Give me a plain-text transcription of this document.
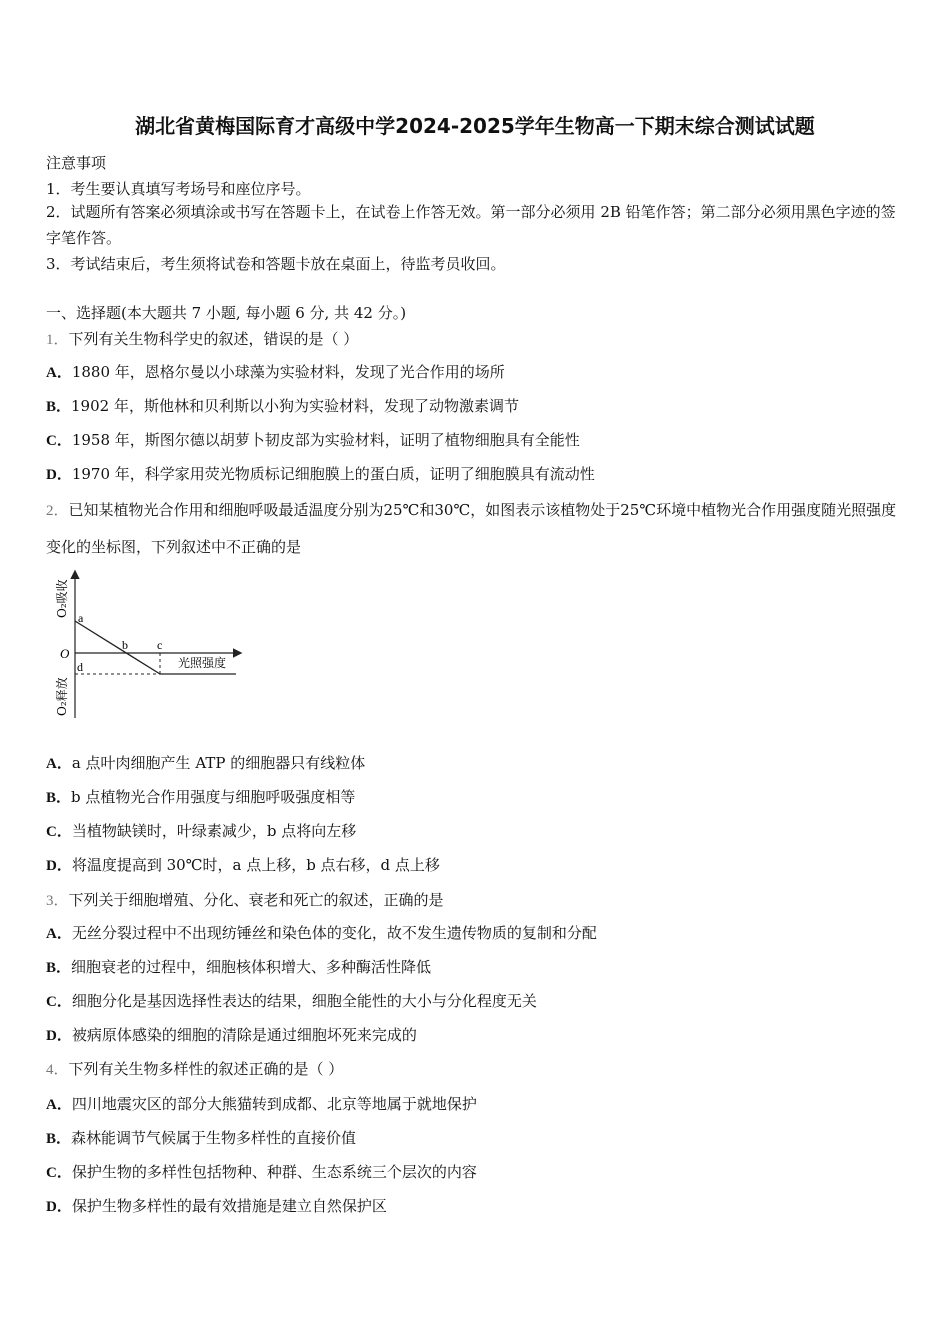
湖北省黄梅国际育才高级中学2024-2025学年生物高一下期末综合测试试题
注意事项
1．考生要认真填写考场号和座位序号。
2．试题所有答案必须填涂或书写在答题卡上，在试卷上作答无效。第一部分必须用 2B 铅笔作答；第二部分必须用黑色字迹的签字笔作答。
3．考试结束后，考生须将试卷和答题卡放在桌面上，待监考员收回。
一、选择题(本大题共 7 小题, 每小题 6 分, 共 42 分。)
1．下列有关生物科学史的叙述，错误的是（ ）
A．1880 年，恩格尔曼以小球藻为实验材料，发现了光合作用的场所
B．1902 年，斯他林和贝利斯以小狗为实验材料，发现了动物激素调节
C．1958 年，斯图尔德以胡萝卜韧皮部为实验材料，证明了植物细胞具有全能性
D．1970 年，科学家用荧光物质标记细胞膜上的蛋白质，证明了细胞膜具有流动性
2．已知某植物光合作用和细胞呼吸最适温度分别为25℃和30℃，如图表示该植物处于25℃环境中植物光合作用强度随光照强度变化的坐标图，下列叙述中不正确的是
O₂吸收
O₂释放
O
a
b c
d	光照强度
A．a 点叶肉细胞产生 ATP 的细胞器只有线粒体
B．b 点植物光合作用强度与细胞呼吸强度相等
C．当植物缺镁时，叶绿素减少，b 点将向左移
D．将温度提高到 30℃时，a 点上移，b 点右移，d 点上移
3．下列关于细胞增殖、分化、衰老和死亡的叙述，正确的是
A．无丝分裂过程中不出现纺锤丝和染色体的变化，故不发生遗传物质的复制和分配
B．细胞衰老的过程中，细胞核体积增大、多种酶活性降低
C．细胞分化是基因选择性表达的结果，细胞全能性的大小与分化程度无关
D．被病原体感染的细胞的清除是通过细胞坏死来完成的
4．下列有关生物多样性的叙述正确的是（ ）
A．四川地震灾区的部分大熊猫转到成都、北京等地属于就地保护
B．森林能调节气候属于生物多样性的直接价值
C．保护生物的多样性包括物种、种群、生态系统三个层次的内容
D．保护生物多样性的最有效措施是建立自然保护区
